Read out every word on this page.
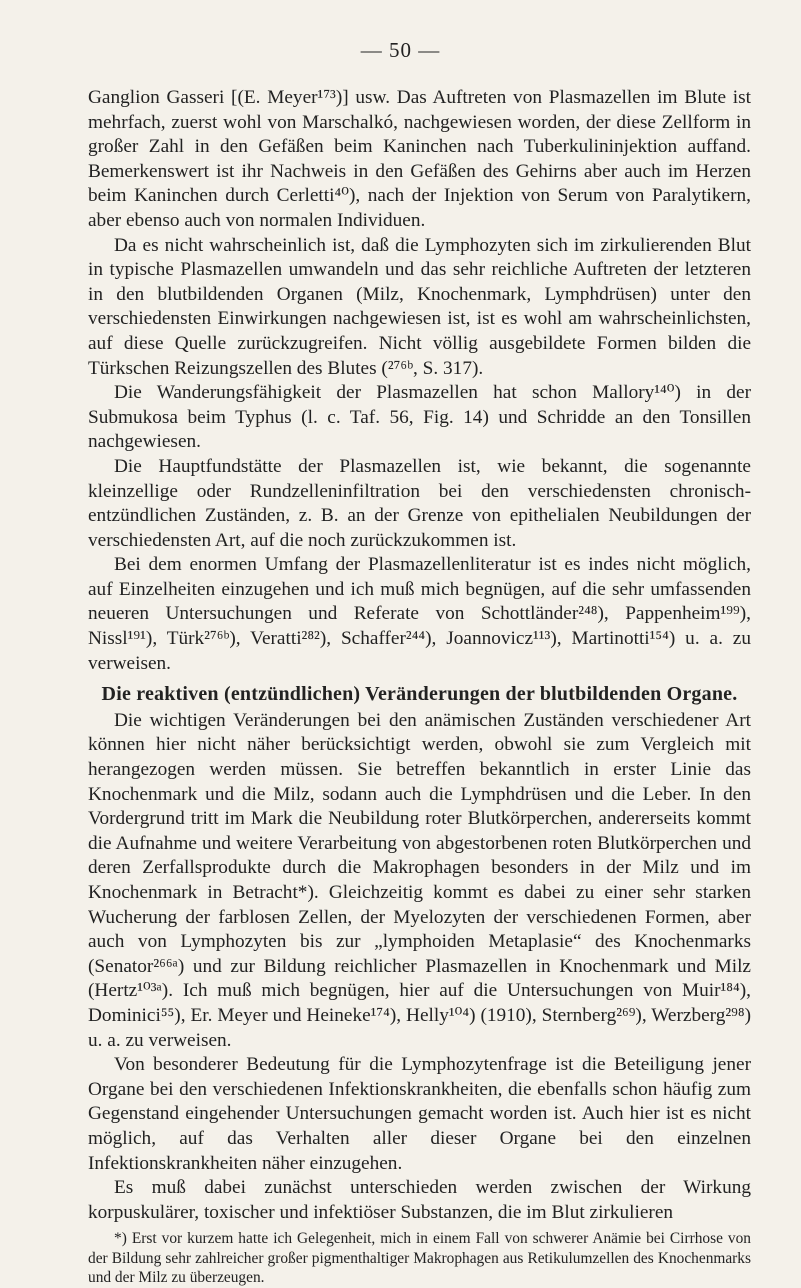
— 50 —

Ganglion Gasseri [(E. Meyer¹⁷³)] usw. Das Auftreten von Plasmazellen im Blute ist mehrfach, zuerst wohl von Marschalkó, nachgewiesen worden, der diese Zellform in großer Zahl in den Gefäßen beim Kaninchen nach Tuberkulininjektion auffand. Bemerkenswert ist ihr Nachweis in den Gefäßen des Gehirns aber auch im Herzen beim Kaninchen durch Cerletti⁴⁰), nach der Injektion von Serum von Paralytikern, aber ebenso auch von normalen Individuen.

Da es nicht wahrscheinlich ist, daß die Lymphozyten sich im zirkulierenden Blut in typische Plasmazellen umwandeln und das sehr reichliche Auftreten der letzteren in den blutbildenden Organen (Milz, Knochenmark, Lymphdrüsen) unter den verschiedensten Einwirkungen nachgewiesen ist, ist es wohl am wahrscheinlichsten, auf diese Quelle zurückzugreifen. Nicht völlig ausgebildete Formen bilden die Türkschen Reizungszellen des Blutes (²⁷⁶ᵇ, S. 317).

Die Wanderungsfähigkeit der Plasmazellen hat schon Mallory¹⁴⁰) in der Submukosa beim Typhus (l. c. Taf. 56, Fig. 14) und Schridde an den Tonsillen nachgewiesen.

Die Hauptfundstätte der Plasmazellen ist, wie bekannt, die sogenannte kleinzellige oder Rundzelleninfiltration bei den verschiedensten chronisch-entzündlichen Zuständen, z. B. an der Grenze von epithelialen Neubildungen der verschiedensten Art, auf die noch zurückzukommen ist.

Bei dem enormen Umfang der Plasmazellenliteratur ist es indes nicht möglich, auf Einzelheiten einzugehen und ich muß mich begnügen, auf die sehr umfassenden neueren Untersuchungen und Referate von Schottländer²⁴⁸), Pappenheim¹⁹⁹), Nissl¹⁹¹), Türk²⁷⁶ᵇ), Veratti²⁸²), Schaffer²⁴⁴), Joannovicz¹¹³), Martinotti¹⁵⁴) u. a. zu verweisen.

Die reaktiven (entzündlichen) Veränderungen der blutbildenden Organe.

Die wichtigen Veränderungen bei den anämischen Zuständen verschiedener Art können hier nicht näher berücksichtigt werden, obwohl sie zum Vergleich mit herangezogen werden müssen. Sie betreffen bekanntlich in erster Linie das Knochenmark und die Milz, sodann auch die Lymphdrüsen und die Leber. In den Vordergrund tritt im Mark die Neubildung roter Blutkörperchen, andererseits kommt die Aufnahme und weitere Verarbeitung von abgestorbenen roten Blutkörperchen und deren Zerfallsprodukte durch die Makrophagen besonders in der Milz und im Knochenmark in Betracht*). Gleichzeitig kommt es dabei zu einer sehr starken Wucherung der farblosen Zellen, der Myelozyten der verschiedenen Formen, aber auch von Lymphozyten bis zur „lymphoiden Metaplasie“ des Knochenmarks (Senator²⁶⁶ᵃ) und zur Bildung reichlicher Plasmazellen in Knochenmark und Milz (Hertz¹⁰³ᵃ). Ich muß mich begnügen, hier auf die Untersuchungen von Muir¹⁸⁴), Dominici⁵⁵), Er. Meyer und Heineke¹⁷⁴), Helly¹⁰⁴) (1910), Sternberg²⁶⁹), Werzberg²⁹⁸) u. a. zu verweisen.

Von besonderer Bedeutung für die Lymphozytenfrage ist die Beteiligung jener Organe bei den verschiedenen Infektionskrankheiten, die ebenfalls schon häufig zum Gegenstand eingehender Untersuchungen gemacht worden ist. Auch hier ist es nicht möglich, auf das Verhalten aller dieser Organe bei den einzelnen Infektionskrankheiten näher einzugehen.

Es muß dabei zunächst unterschieden werden zwischen der Wirkung korpuskulärer, toxischer und infektiöser Substanzen, die im Blut zirkulieren

*) Erst vor kurzem hatte ich Gelegenheit, mich in einem Fall von schwerer Anämie bei Cirrhose von der Bildung sehr zahlreicher großer pigmenthaltiger Makrophagen aus Retikulumzellen des Knochenmarks und der Milz zu überzeugen.
